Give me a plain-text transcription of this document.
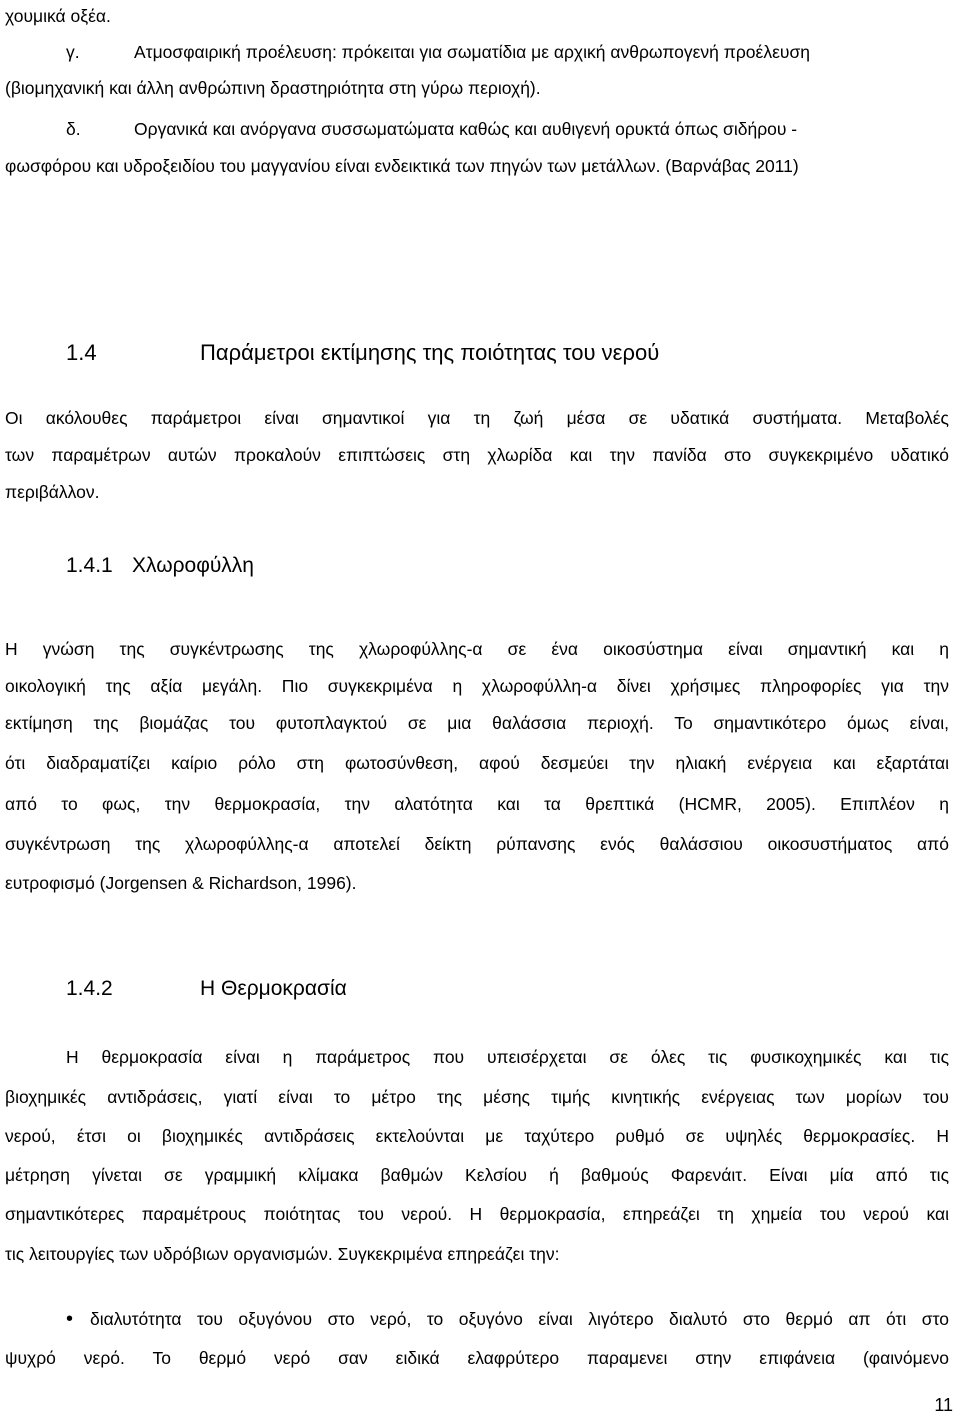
χουμικά οξέα.
γ.	Ατμοσφαιρική προέλευση: πρόκειται για σωματίδια με αρχική ανθρωπογενή προέλευση
(βιομηχανική και άλλη ανθρώπινη δραστηριότητα στη γύρω περιοχή).
δ.	Οργανικά και ανόργανα συσσωματώματα καθώς και αυθιγενή ορυκτά όπως σιδήρου -
φωσφόρου και υδροξειδίου του μαγγανίου είναι ενδεικτικά των πηγών των μετάλλων. (Βαρνάβας 2011)
1.4	Παράμετροι εκτίμησης της ποιότητας του νερού
Οι ακόλουθες παράμετροι είναι σημαντικοί για τη ζωή μέσα σε υδατικά συστήματα. Μεταβολές
των παραμέτρων αυτών προκαλούν επιπτώσεις στη χλωρίδα και την πανίδα στο συγκεκριμένο υδατικό
περιβάλλον.
1.4.1 Χλωροφύλλη
Η γνώση της συγκέντρωσης της χλωροφύλλης-α σε ένα οικοσύστημα είναι σημαντική και η
οικολογική της αξία μεγάλη. Πιο συγκεκριμένα η χλωροφύλλη-α δίνει χρήσιμες πληροφορίες για την
εκτίμηση της βιομάζας του φυτοπλαγκτού σε μια θαλάσσια περιοχή. Το σημαντικότερο όμως είναι,
ότι διαδραματίζει καίριο ρόλο στη φωτοσύνθεση, αφού δεσμεύει την ηλιακή ενέργεια και εξαρτάται
από το φως, την θερμοκρασία, την αλατότητα και τα θρεπτικά (HCMR, 2005). Επιπλέον η
συγκέντρωση της χλωροφύλλης-α αποτελεί δείκτη ρύπανσης ενός θαλάσσιου οικοσυστήματος από
ευτροφισμό (Jorgensen & Richardson, 1996).
1.4.2	Η Θερμοκρασία
Η θερμοκρασία είναι η παράμετρος που υπεισέρχεται σε όλες τις φυσικοχημικές και τις
βιοχημικές αντιδράσεις, γιατί είναι το μέτρο της μέσης τιμής κινητικής ενέργειας των μορίων του
νερού, έτσι οι βιοχημικές αντιδράσεις εκτελούνται με ταχύτερο ρυθμό σε υψηλές θερμοκρασίες. Η
μέτρηση γίνεται σε γραμμική κλίμακα βαθμών Κελσίου ή βαθμούς Φαρενάιτ. Είναι μία από τις
σημαντικότερες παραμέτρους ποιότητας του νερού. Η θερμοκρασία, επηρεάζει τη χημεία του νερού και
τις λειτουργίες των υδρόβιων οργανισμών. Συγκεκριμένα επηρεάζει την:
• διαλυτότητα του οξυγόνου στο νερό, το οξυγόνο είναι λιγότερο διαλυτό στο θερμό απ ότι στο
ψυχρό νερό. Το θερμό νερό σαν ειδικά ελαφρύτερο παραμενει στην επιφάνεια (φαινόμενο
11
